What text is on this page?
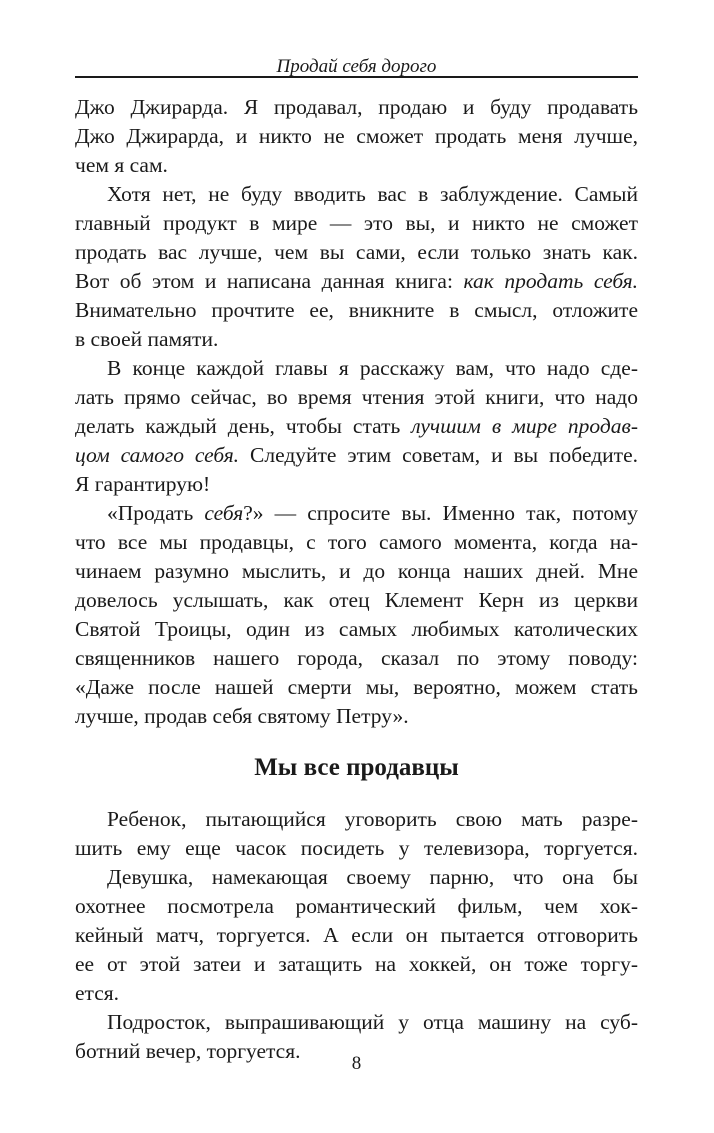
Продай себя дорого
Джо Джирарда. Я продавал, продаю и буду продавать
Джо Джирарда, и никто не сможет продать меня лучше,
чем я сам.
Хотя нет, не буду вводить вас в заблуждение. Самый
главный продукт в мире — это вы, и никто не сможет
продать вас лучше, чем вы сами, если только знать как.
Вот об этом и написана данная книга: как продать себя.
Внимательно прочтите ее, вникните в смысл, отложите
в своей памяти.
В конце каждой главы я расскажу вам, что надо сде-
лать прямо сейчас, во время чтения этой книги, что надо
делать каждый день, чтобы стать лучшим в мире продав-
цом самого себя. Следуйте этим советам, и вы победите.
Я гарантирую!
«Продать себя?» — спросите вы. Именно так, потому
что все мы продавцы, с того самого момента, когда на-
чинаем разумно мыслить, и до конца наших дней. Мне
довелось услышать, как отец Клемент Керн из церкви
Святой Троицы, один из самых любимых католических
священников нашего города, сказал по этому поводу:
«Даже после нашей смерти мы, вероятно, можем стать
лучше, продав себя святому Петру».
Мы все продавцы
Ребенок, пытающийся уговорить свою мать разре-
шить ему еще часок посидеть у телевизора, торгуется.
Девушка, намекающая своему парню, что она бы
охотнее посмотрела романтический фильм, чем хок-
кейный матч, торгуется. А если он пытается отговорить
ее от этой затеи и затащить на хоккей, он тоже торгу-
ется.
Подросток, выпрашивающий у отца машину на суб-
ботний вечер, торгуется.
8
